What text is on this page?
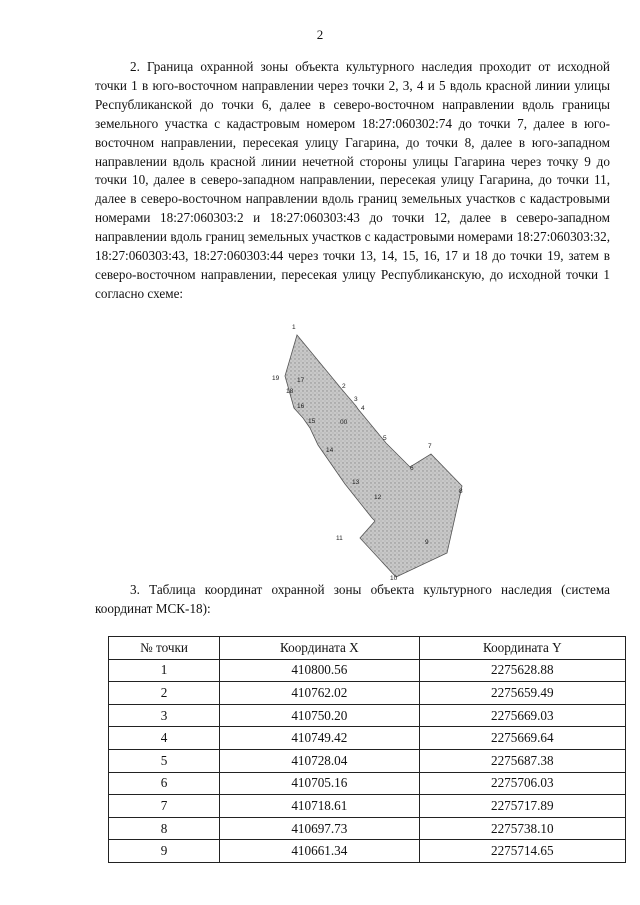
2

2. Граница охранной зоны объекта культурного наследия проходит от исходной точки 1 в юго-восточном направлении через точки 2, 3, 4 и 5 вдоль красной линии улицы Республиканской до точки 6, далее в северо-восточном направлении вдоль границы земельного участка с кадастровым номером 18:27:060302:74 до точки 7, далее в юго-восточном направлении, пересекая улицу Гагарина, до точки 8, далее в юго-западном направлении вдоль красной линии нечетной стороны улицы Гагарина через точку 9 до точки 10, далее в северо-западном направлении, пересекая улицу Гагарина, до точки 11, далее в северо-восточном направлении вдоль границ земельных участков с кадастровыми номерами 18:27:060303:2 и 18:27:060303:43 до точки 12, далее в северо-западном направлении вдоль границ земельных участков с кадастровыми номерами 18:27:060303:32, 18:27:060303:43, 18:27:060303:44 через точки 13, 14, 15, 16, 17 и 18 до точки 19, затем в северо-восточном направлении, пересекая улицу Республиканскую, до исходной точки 1 согласно схеме:

1
2
3
4
5
6
7
8
9
10
11
12
13
14
15
16
18
19	17
00

3. Таблица координат охранной зоны объекта культурного наследия (система координат МСК-18):

№ точки	Координата X	Координата Y
1	410800.56	2275628.88
2	410762.02	2275659.49
3	410750.20	2275669.03
4	410749.42	2275669.64
5	410728.04	2275687.38
6	410705.16	2275706.03
7	410718.61	2275717.89
8	410697.73	2275738.10
9	410661.34	2275714.65
